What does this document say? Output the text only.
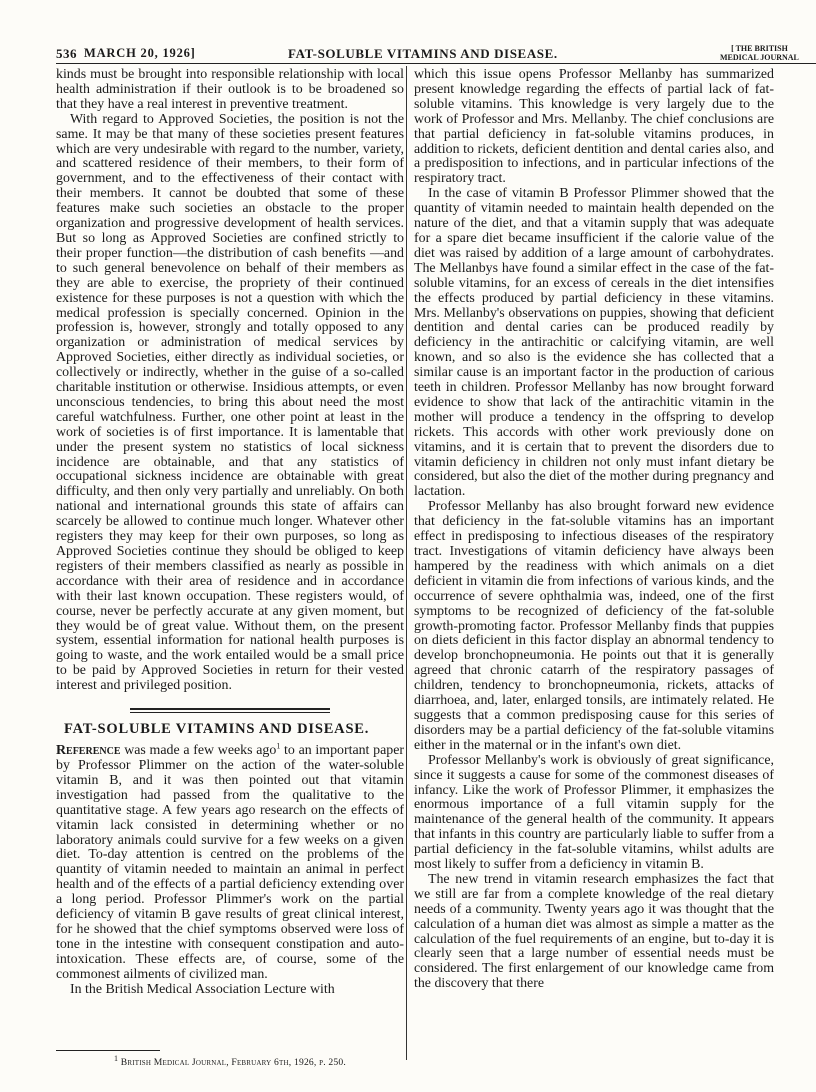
536 MARCH 20, 1926]	FAT-SOLUBLE VITAMINS AND DISEASE.	[ THE BRITISH
MEDICAL JOURNAL

kinds must be brought into responsible relationship with local health administration if their outlook is to be broadened so that they have a real interest in preventive treatment.

With regard to Approved Societies, the position is not the same. It may be that many of these societies present features which are very undesirable with regard to the number, variety, and scattered residence of their members, to their form of government, and to the effectiveness of their contact with their members. It cannot be doubted that some of these features make such societies an obstacle to the proper organization and progressive development of health services. But so long as Approved Societies are confined strictly to their proper function—the distribution of cash benefits —and to such general benevolence on behalf of their members as they are able to exercise, the propriety of their continued existence for these purposes is not a question with which the medical profession is specially concerned. Opinion in the profession is, however, strongly and totally opposed to any organization or administration of medical services by Approved Societies, either directly as individual societies, or collectively or indirectly, whether in the guise of a so-called charitable institution or otherwise. Insidious attempts, or even unconscious tendencies, to bring this about need the most careful watchfulness. Further, one other point at least in the work of societies is of first importance. It is lamentable that under the present system no statistics of local sickness incidence are obtainable, and that any statistics of occupational sickness incidence are obtainable with great difficulty, and then only very partially and unreliably. On both national and international grounds this state of affairs can scarcely be allowed to continue much longer. Whatever other registers they may keep for their own purposes, so long as Approved Societies continue they should be obliged to keep registers of their members classified as nearly as possible in accordance with their area of residence and in accordance with their last known occupation. These registers would, of course, never be perfectly accurate at any given moment, but they would be of great value. Without them, on the present system, essential information for national health purposes is going to waste, and the work entailed would be a small price to be paid by Approved Societies in return for their vested interest and privileged position.

FAT-SOLUBLE VITAMINS AND DISEASE.

Reference was made a few weeks ago$^1$ to an important paper by Professor Plimmer on the action of the water-soluble vitamin B, and it was then pointed out that vitamin investigation had passed from the qualitative to the quantitative stage. A few years ago research on the effects of vitamin lack consisted in determining whether or no laboratory animals could survive for a few weeks on a given diet. To-day attention is centred on the problems of the quantity of vitamin needed to maintain an animal in perfect health and of the effects of a partial deficiency extending over a long period. Professor Plimmer's work on the partial deficiency of vitamin B gave results of great clinical interest, for he showed that the chief symptoms observed were loss of tone in the intestine with consequent constipation and auto-intoxication. These effects are, of course, some of the commonest ailments of civilized man.

In the British Medical Association Lecture with

which this issue opens Professor Mellanby has summarized present knowledge regarding the effects of partial lack of fat-soluble vitamins. This knowledge is very largely due to the work of Professor and Mrs. Mellanby. The chief conclusions are that partial deficiency in fat-soluble vitamins produces, in addition to rickets, deficient dentition and dental caries also, and a predisposition to infections, and in particular infections of the respiratory tract.

In the case of vitamin B Professor Plimmer showed that the quantity of vitamin needed to maintain health depended on the nature of the diet, and that a vitamin supply that was adequate for a spare diet became insufficient if the calorie value of the diet was raised by addition of a large amount of carbohydrates. The Mellanbys have found a similar effect in the case of the fat-soluble vitamins, for an excess of cereals in the diet intensifies the effects produced by partial deficiency in these vitamins. Mrs. Mellanby's observations on puppies, showing that deficient dentition and dental caries can be produced readily by deficiency in the antirachitic or calcifying vitamin, are well known, and so also is the evidence she has collected that a similar cause is an important factor in the production of carious teeth in children. Professor Mellanby has now brought forward evidence to show that lack of the antirachitic vitamin in the mother will produce a tendency in the offspring to develop rickets. This accords with other work previously done on vitamins, and it is certain that to prevent the disorders due to vitamin deficiency in children not only must infant dietary be considered, but also the diet of the mother during pregnancy and lactation.

Professor Mellanby has also brought forward new evidence that deficiency in the fat-soluble vitamins has an important effect in predisposing to infectious diseases of the respiratory tract. Investigations of vitamin deficiency have always been hampered by the readiness with which animals on a diet deficient in vitamin die from infections of various kinds, and the occurrence of severe ophthalmia was, indeed, one of the first symptoms to be recognized of deficiency of the fat-soluble growth-promoting factor. Professor Mellanby finds that puppies on diets deficient in this factor display an abnormal tendency to develop bronchopneumonia. He points out that it is generally agreed that chronic catarrh of the respiratory passages of children, tendency to bronchopneumonia, rickets, attacks of diarrhoea, and, later, enlarged tonsils, are intimately related. He suggests that a common predisposing cause for this series of disorders may be a partial deficiency of the fat-soluble vitamins either in the maternal or in the infant's own diet.

Professor Mellanby's work is obviously of great significance, since it suggests a cause for some of the commonest diseases of infancy. Like the work of Professor Plimmer, it emphasizes the enormous importance of a full vitamin supply for the maintenance of the general health of the community. It appears that infants in this country are particularly liable to suffer from a partial deficiency in the fat-soluble vitamins, whilst adults are most likely to suffer from a deficiency in vitamin B.

The new trend in vitamin research emphasizes the fact that we still are far from a complete knowledge of the real dietary needs of a community. Twenty years ago it was thought that the calculation of a human diet was almost as simple a matter as the calculation of the fuel requirements of an engine, but to-day it is clearly seen that a large number of essential needs must be considered. The first enlargement of our knowledge came from the discovery that there

$^1$ British Medical Journal, February 6th, 1926, p. 250.
